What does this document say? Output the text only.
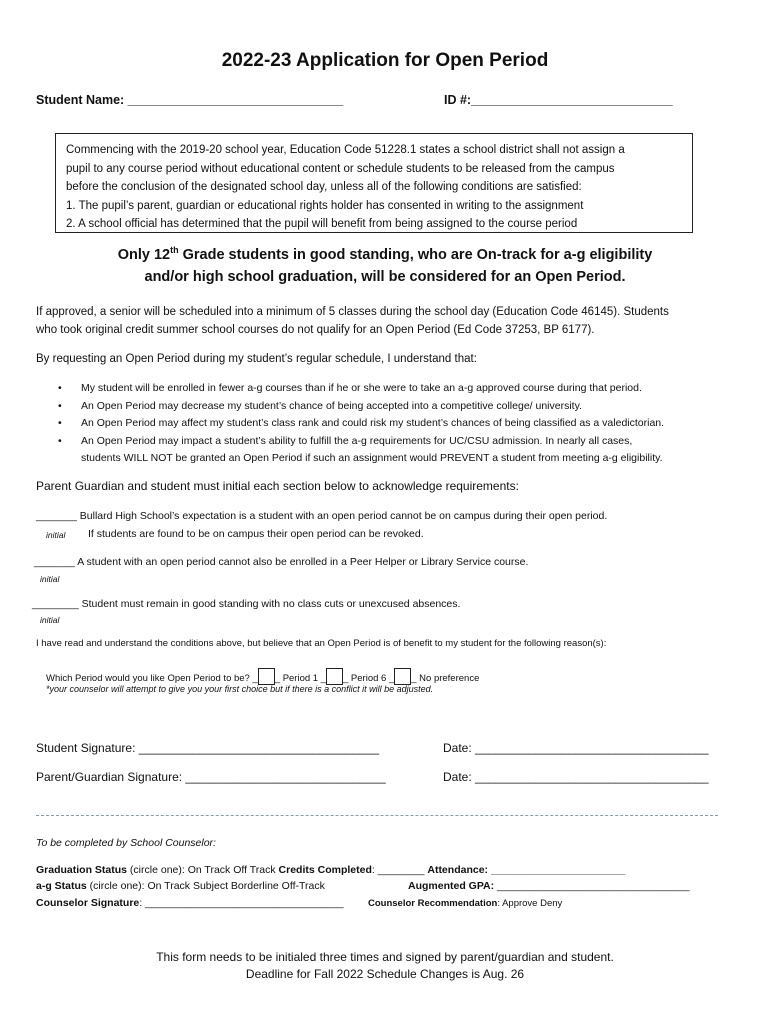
2022-23 Application for Open Period
Student Name: _______________________________	ID #:_____________________________
Commencing with the 2019-20 school year, Education Code 51228.1 states a school district shall not assign a
pupil to any course period without educational content or schedule students to be released from the campus
before the conclusion of the designated school day, unless all of the following conditions are satisfied:
1. The pupil’s parent, guardian or educational rights holder has consented in writing to the assignment
2. A school official has determined that the pupil will benefit from being assigned to the course period
Only 12th Grade students in good standing, who are On-track for a-g eligibility
and/or high school graduation, will be considered for an Open Period.
If approved, a senior will be scheduled into a minimum of 5 classes during the school day (Education Code 46145). Students
who took original credit summer school courses do not qualify for an Open Period (Ed Code 37253, BP 6177).
By requesting an Open Period during my student’s regular schedule, I understand that:
•	My student will be enrolled in fewer a-g courses than if he or she were to take an a-g approved course during that period.
•	An Open Period may decrease my student’s chance of being accepted into a competitive college/ university.
•	An Open Period may affect my student’s class rank and could risk my student’s chances of being classified as a valedictorian.
•	An Open Period may impact a student’s ability to fulfill the a-g requirements for UC/CSU admission. In nearly all cases,
students WILL NOT be granted an Open Period if such an assignment would PREVENT a student from meeting a-g eligibility.
Parent Guardian and student must initial each section below to acknowledge requirements:
_______ Bullard High School’s expectation is a student with an open period cannot be on campus during their open period.
initial If students are found to be on campus their open period can be revoked.
_______ A student with an open period cannot also be enrolled in a Peer Helper or Library Service course.
initial
________ Student must remain in good standing with no class cuts or unexcused absences.
initial
I have read and understand the conditions above, but believe that an Open Period is of benefit to my student for the following reason(s):
Which Period would you like Open Period to be? _ _ Period 1 _ _ Period 6 _ _ No preference
*your counselor will attempt to give you your first choice but if there is a conflict it will be adjusted.
Student Signature: ____________________________________	Date: ___________________________________
Parent/Guardian Signature: ______________________________	Date: ___________________________________
To be completed by School Counselor:
Graduation Status (circle one): On Track Off Track Credits Completed: ________ Attendance: _______________________
a-g Status (circle one): On Track Subject Borderline Off-Track	Augmented GPA: _________________________________
Counselor Signature: __________________________________	Counselor Recommendation: Approve Deny
This form needs to be initialed three times and signed by parent/guardian and student.
Deadline for Fall 2022 Schedule Changes is Aug. 26
